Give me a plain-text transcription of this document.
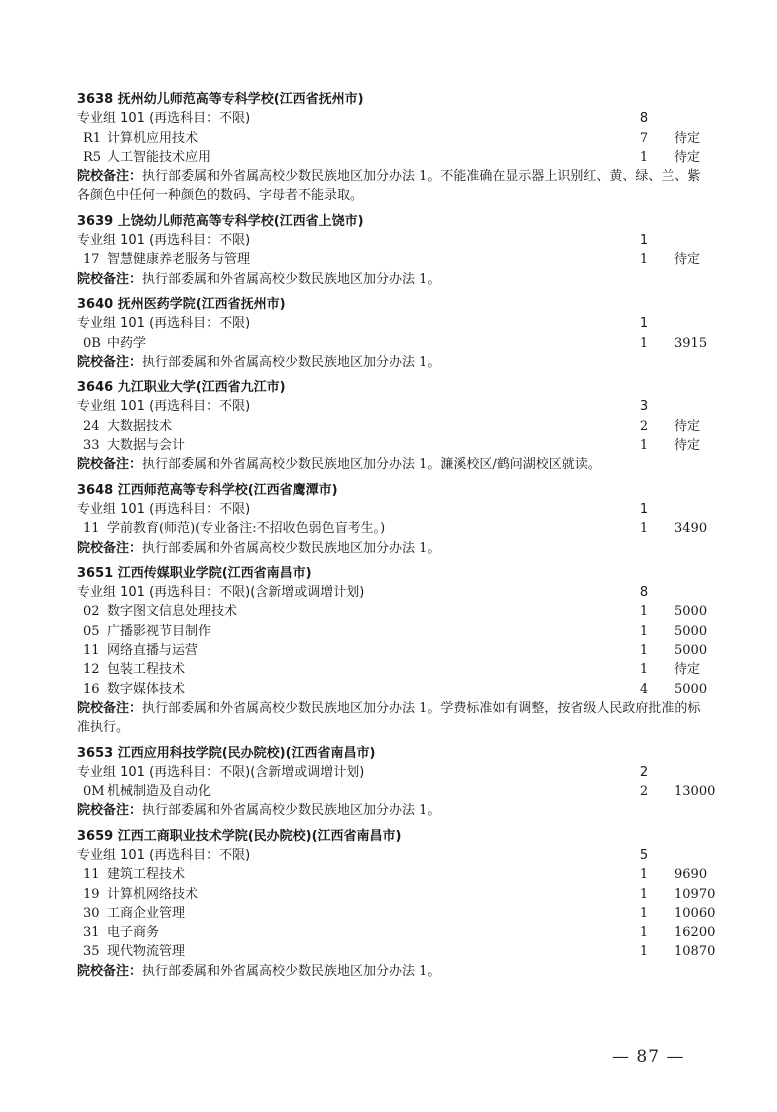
3638 抚州幼儿师范高等专科学校(江西省抚州市)
专业组 101 (再选科目：不限)	8
R1 计算机应用技术	7 待定
R5 人工智能技术应用	1 待定
院校备注：执行部委属和外省属高校少数民族地区加分办法 1。不能准确在显示器上识别红、黄、绿、兰、紫各颜色中任何一种颜色的数码、字母者不能录取。
3639 上饶幼儿师范高等专科学校(江西省上饶市)
专业组 101 (再选科目：不限)	1
17 智慧健康养老服务与管理	1 待定
院校备注：执行部委属和外省属高校少数民族地区加分办法 1。
3640 抚州医药学院(江西省抚州市)
专业组 101 (再选科目：不限)	1
0B 中药学	1 3915
院校备注：执行部委属和外省属高校少数民族地区加分办法 1。
3646 九江职业大学(江西省九江市)
专业组 101 (再选科目：不限)	3
24 大数据技术	2 待定
33 大数据与会计	1 待定
院校备注：执行部委属和外省属高校少数民族地区加分办法 1。濂溪校区/鹤问湖校区就读。
3648 江西师范高等专科学校(江西省鹰潭市)
专业组 101 (再选科目：不限)	1
11 学前教育(师范)(专业备注:不招收色弱色盲考生。)	1 3490
院校备注：执行部委属和外省属高校少数民族地区加分办法 1。
3651 江西传媒职业学院(江西省南昌市)
专业组 101 (再选科目：不限)(含新增或调增计划)	8
02 数字图文信息处理技术	1 5000
05 广播影视节目制作	1 5000
11 网络直播与运营	1 5000
12 包装工程技术	1 待定
16 数字媒体技术	4 5000
院校备注：执行部委属和外省属高校少数民族地区加分办法 1。学费标准如有调整，按省级人民政府批准的标准执行。
3653 江西应用科技学院(民办院校)(江西省南昌市)
专业组 101 (再选科目：不限)(含新增或调增计划)	2
0M 机械制造及自动化	2 13000
院校备注：执行部委属和外省属高校少数民族地区加分办法 1。
3659 江西工商职业技术学院(民办院校)(江西省南昌市)
专业组 101 (再选科目：不限)	5
11 建筑工程技术	1 9690
19 计算机网络技术	1 10970
30 工商企业管理	1 10060
31 电子商务	1 16200
35 现代物流管理	1 10870
院校备注：执行部委属和外省属高校少数民族地区加分办法 1。
— 87 —
